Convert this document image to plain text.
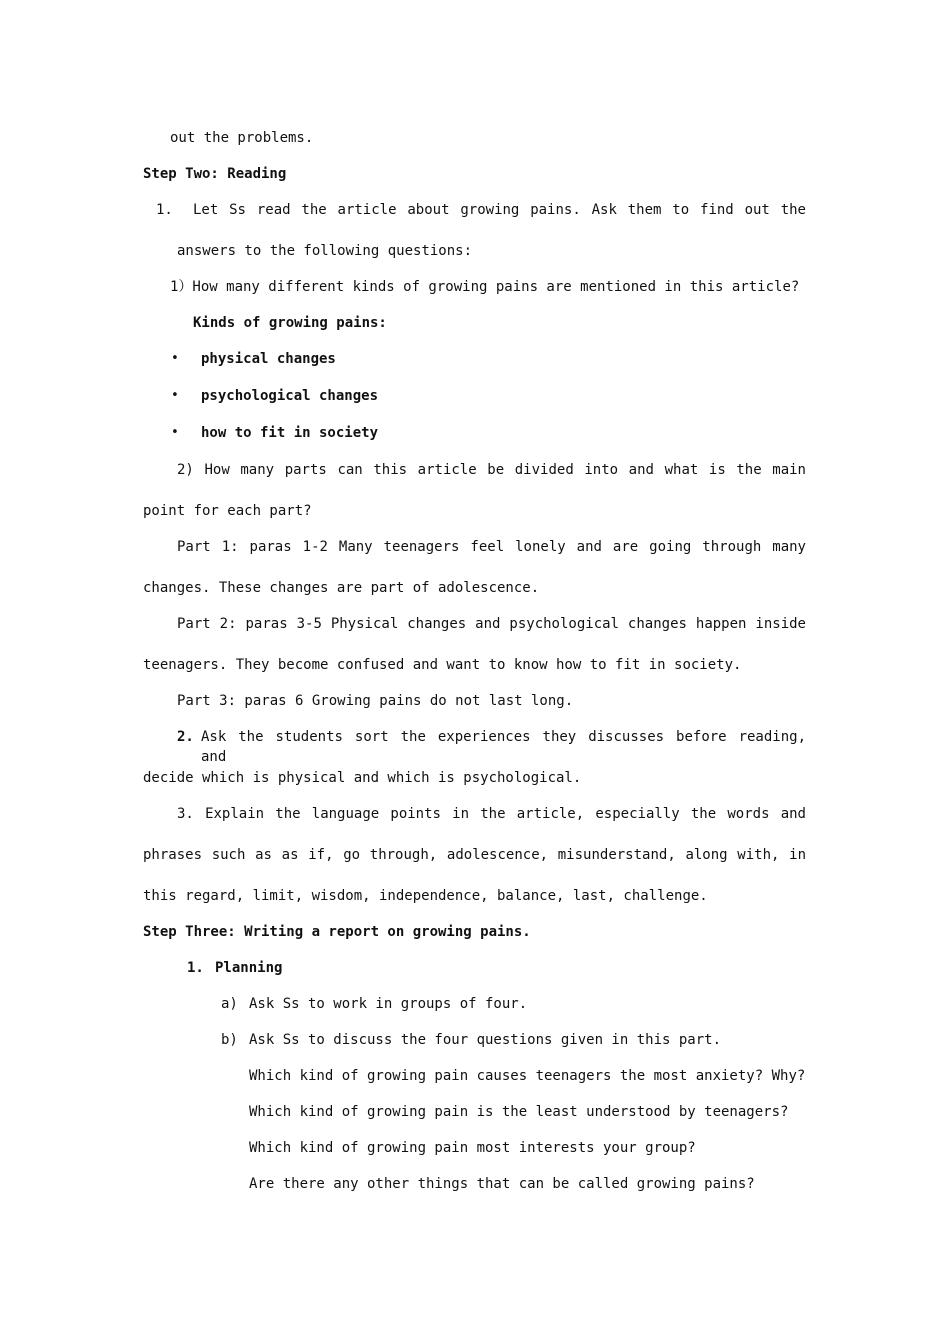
out the problems.
Step Two: Reading
1. Let Ss read the article about growing pains. Ask them to find out the
answers to the following questions:
1）How many different kinds of growing pains are mentioned in this article?
Kinds of growing pains:
• physical changes
• psychological changes
• how to fit in society
2) How many parts can this article be divided into and what is the main
point for each part?
Part 1: paras 1-2 Many teenagers feel lonely and are going through many
changes. These changes are part of adolescence.
Part 2: paras 3-5 Physical changes and psychological changes happen inside
teenagers. They become confused and want to know how to fit in society.
Part 3: paras 6 Growing pains do not last long.
2. Ask the students sort the experiences they discusses before reading, and
decide which is physical and which is psychological.
3. Explain the language points in the article, especially the words and
phrases such as as if, go through, adolescence, misunderstand, along with, in
this regard, limit, wisdom, independence, balance, last, challenge.
Step Three: Writing a report on growing pains.
1. Planning
a) Ask Ss to work in groups of four.
b) Ask Ss to discuss the four questions given in this part.
Which kind of growing pain causes teenagers the most anxiety? Why?
Which kind of growing pain is the least understood by teenagers?
Which kind of growing pain most interests your group?
Are there any other things that can be called growing pains?
